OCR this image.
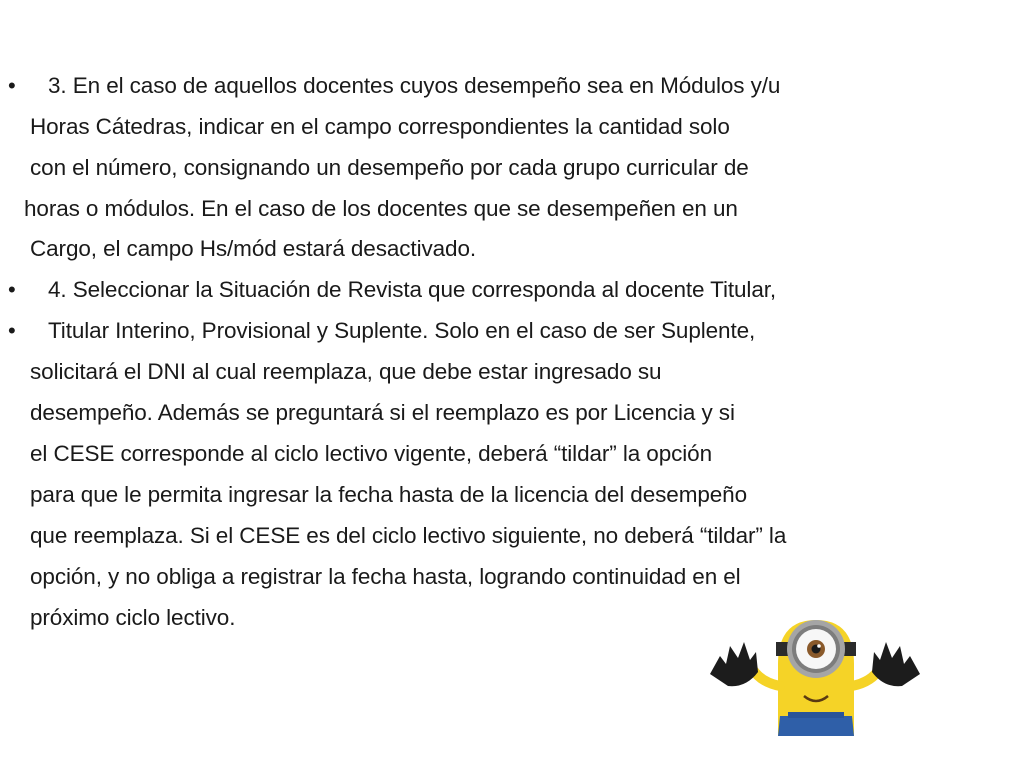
•
•
•
3. En el caso de aquellos docentes cuyos desempeño sea en Módulos y/u
Horas Cátedras, indicar en el campo correspondientes la cantidad solo
con el número, consignando un desempeño por cada grupo curricular de
horas o módulos. En el caso de los docentes que se desempeñen en un
Cargo, el campo Hs/mód estará desactivado.
4. Seleccionar la Situación de Revista que corresponda al docente Titular,
Titular Interino, Provisional y Suplente. Solo en el caso de ser Suplente,
solicitará el DNI al cual reemplaza, que debe estar ingresado su
desempeño. Además se preguntará si el reemplazo es por Licencia y si
el CESE corresponde al ciclo lectivo vigente, deberá “tildar” la opción
para que le permita ingresar la fecha hasta de la licencia del desempeño
que reemplaza. Si el CESE es del ciclo lectivo siguiente, no deberá “tildar” la
opción, y no obliga a registrar la fecha hasta, logrando continuidad en el
próximo ciclo lectivo.
